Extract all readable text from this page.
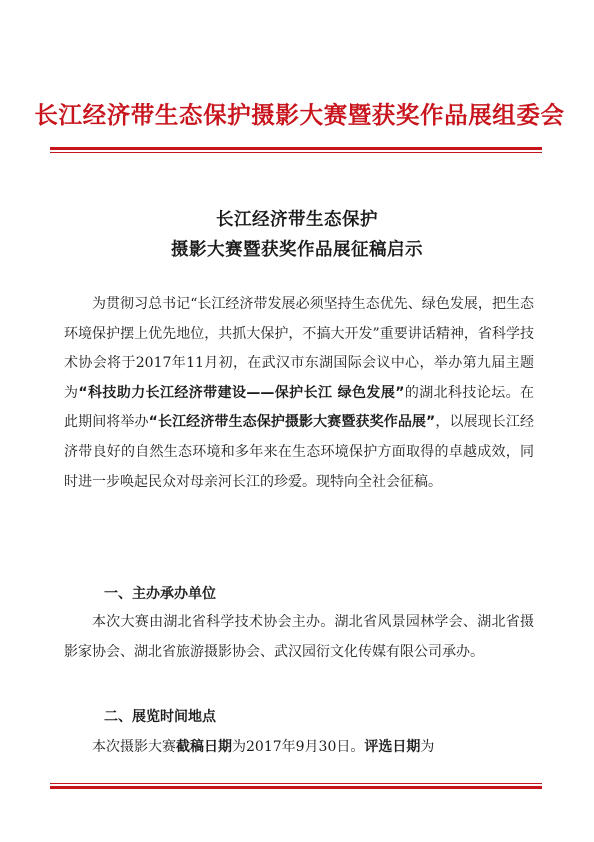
长江经济带生态保护摄影大赛暨获奖作品展组委会
长江经济带生态保护
摄影大赛暨获奖作品展征稿启示
为贯彻习总书记“长江经济带发展必须坚持生态优先、绿色发展，把生态环境保护摆上优先地位，共抓大保护，不搞大开发”重要讲话精神，省科学技术协会将于2017年11月初，在武汉市东湖国际会议中心，举办第九届主题为“科技助力长江经济带建设——保护长江 绿色发展”的湖北科技论坛。在此期间将举办“长江经济带生态保护摄影大赛暨获奖作品展”，以展现长江经济带良好的自然生态环境和多年来在生态环境保护方面取得的卓越成效，同时进一步唤起民众对母亲河长江的珍爱。现特向全社会征稿。
一、主办承办单位
本次大赛由湖北省科学技术协会主办。湖北省风景园林学会、湖北省摄影家协会、湖北省旅游摄影协会、武汉园衍文化传媒有限公司承办。
二、展览时间地点
本次摄影大赛截稿日期为2017年9月30日。评选日期为
